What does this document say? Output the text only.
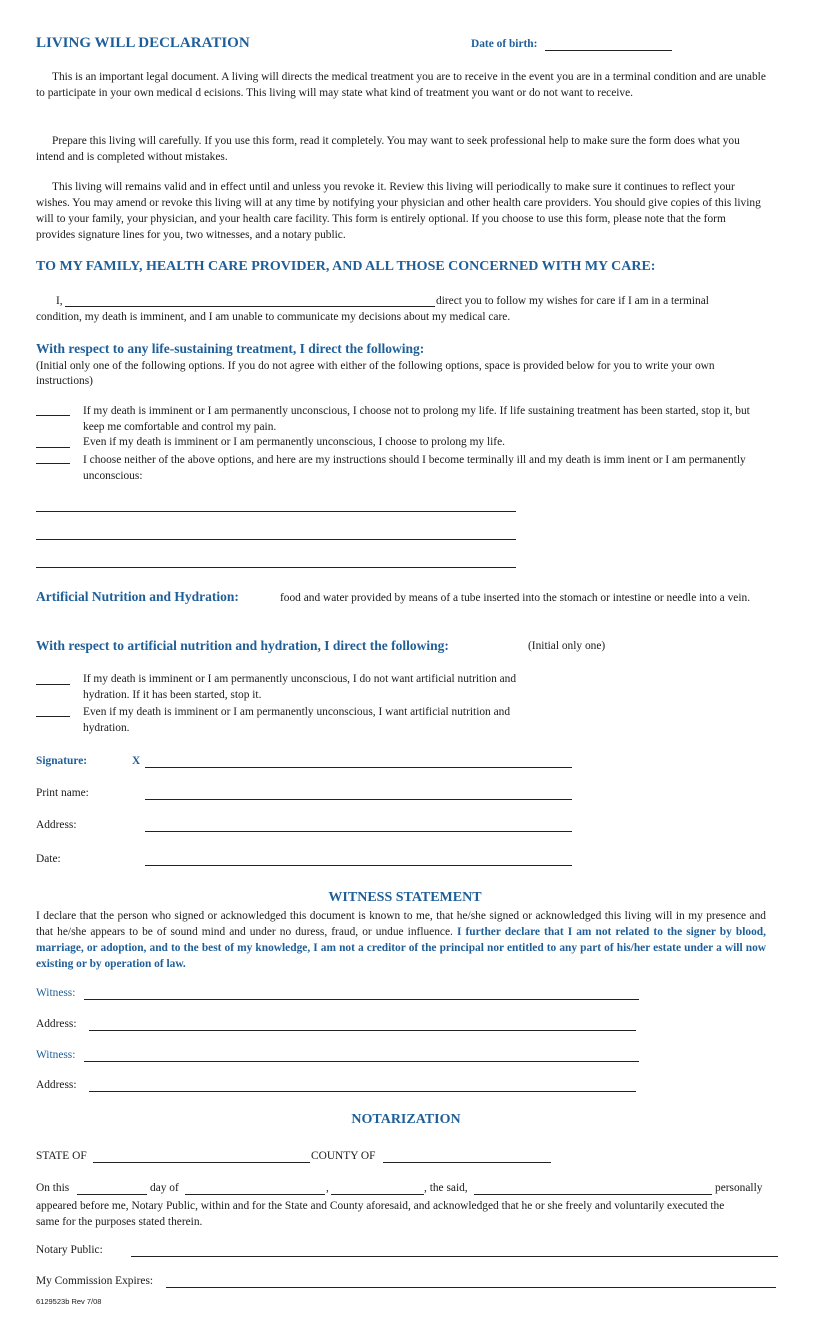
LIVING WILL DECLARATION	Date of birth:
This is an important legal document. A living will directs the medical treatment you are to receive in the event you are in a terminal condition and are unable to participate in your own medical d ecisions. This living will may state what kind of treatment you want or do not want to receive.
Prepare this living will carefully. If you use this form, read it completely. You may want to seek professional help to make sure the form does what you intend and is completed without mistakes.
This living will remains valid and in effect until and unless you revoke it. Review this living will periodically to make sure it continues to reflect your wishes. You may amend or revoke this living will at any time by notifying your physician and other health care providers. You should give copies of this living will to your family, your physician, and your health care facility. This form is entirely optional. If you choose to use this form, please note that the form provides signature lines for you, two witnesses, and a notary public.
TO MY FAMILY, HEALTH CARE PROVIDER, AND ALL THOSE CONCERNED WITH MY CARE:
I,	direct you to follow my wishes for care if I am in a terminal
condition, my death is imminent, and I am unable to communicate my decisions about my medical care.
With respect to any life-sustaining treatment, I direct the following:
(Initial only one of the following options. If you do not agree with either of the following options, space is provided below for you to write your own instructions)
If my death is imminent or I am permanently unconscious, I choose not to prolong my life. If life sustaining treatment has been started, stop it, but keep me comfortable and control my pain.
Even if my death is imminent or I am permanently unconscious, I choose to prolong my life.
I choose neither of the above options, and here are my instructions should I become terminally ill and my death is imm inent or I am permanently unconscious:
Artificial Nutrition and Hydration:	food and water provided by means of a tube inserted into the stomach or intestine or needle into a vein.
With respect to artificial nutrition and hydration, I direct the following:	(Initial only one)
If my death is imminent or I am permanently unconscious, I do not want artificial nutrition and hydration. If it has been started, stop it.
Even if my death is imminent or I am permanently unconscious, I want artificial nutrition and hydration.
Signature:	X
Print name:
Address:
Date:
WITNESS STATEMENT
I declare that the person who signed or acknowledged this document is known to me, that he/she signed or acknowledged this living will in my presence and that he/she appears to be of sound mind and under no duress, fraud, or undue influence. I further declare that I am not related to the signer by blood, marriage, or adoption, and to the best of my knowledge, I am not a creditor of the principal nor entitled to any part of his/her estate under a will now existing or by operation of law.
Witness:
Address:
Witness:
Address:
NOTARIZATION
STATE OF	COUNTY OF
On this	day of	,	, the said,	personally
appeared before me, Notary Public, within and for the State and County aforesaid, and acknowledged that he or she freely and voluntarily executed the same for the purposes stated therein.
Notary Public:
My Commission Expires:
6129523b Rev 7/08
